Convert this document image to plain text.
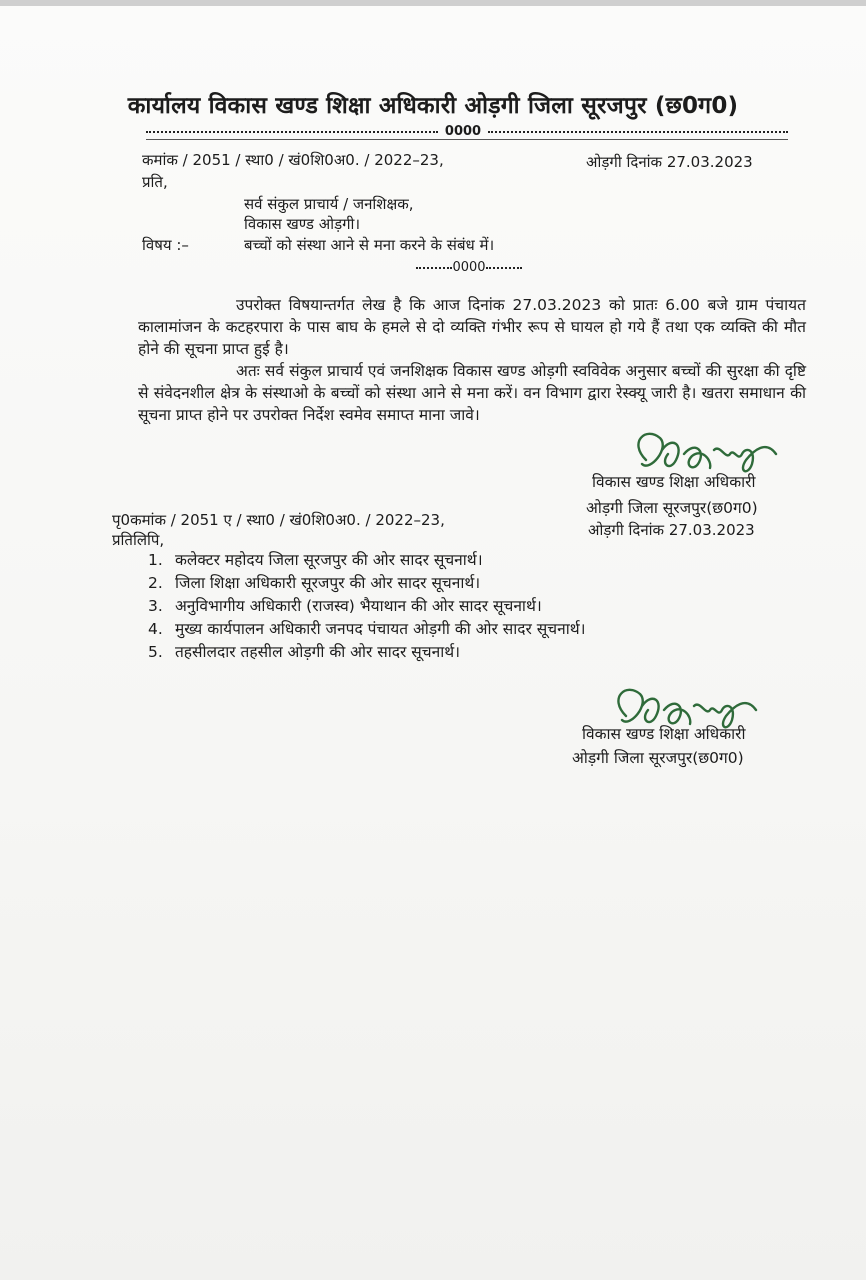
कार्यालय विकास खण्ड शिक्षा अधिकारी ओड़गी जिला सूरजपुर (छ0ग0)
0000
कमांक / 2051 / स्था0 / खं0शि0अ0. / 2022–23,	ओड़गी दिनांक 27.03.2023
प्रति,
सर्व संकुल प्राचार्य / जनशिक्षक,
विकास खण्ड ओड़गी।
विषय :–	बच्चों को संस्था आने से मना करने के संबंध में।
0000

उपरोक्त विषयान्तर्गत लेख है कि आज दिनांक 27.03.2023 को प्रातः 6.00 बजे ग्राम पंचायत कालामांजन के कटहरपारा के पास बाघ के हमले से दो व्यक्ति गंभीर रूप से घायल हो गये हैं तथा एक व्यक्ति की मौत होने की सूचना प्राप्त हुई है।

अतः सर्व संकुल प्राचार्य एवं जनशिक्षक विकास खण्ड ओड़गी स्वविवेक अनुसार बच्चों की सुरक्षा की दृष्टि से संवेदनशील क्षेत्र के संस्थाओ के बच्चों को संस्था आने से मना करें। वन विभाग द्वारा रेस्क्यू जारी है। खतरा समाधान की सूचना प्राप्त होने पर उपरोक्त निर्देश स्वमेव समाप्त माना जावे।

विकास खण्ड शिक्षा अधिकारी
ओड़गी जिला सूरजपुर(छ0ग0)
पृ0कमांक / 2051 ए / स्था0 / खं0शि0अ0. / 2022–23,
ओड़गी दिनांक 27.03.2023
प्रतिलिपि,
1. कलेक्टर महोदय जिला सूरजपुर की ओर सादर सूचनार्थ।
2. जिला शिक्षा अधिकारी सूरजपुर की ओर सादर सूचनार्थ।
3. अनुविभागीय अधिकारी (राजस्व) भैयाथान की ओर सादर सूचनार्थ।
4. मुख्य कार्यपालन अधिकारी जनपद पंचायत ओड़गी की ओर सादर सूचनार्थ।
5. तहसीलदार तहसील ओड़गी की ओर सादर सूचनार्थ।
विकास खण्ड शिक्षा अधिकारी
ओड़गी जिला सूरजपुर(छ0ग0)
